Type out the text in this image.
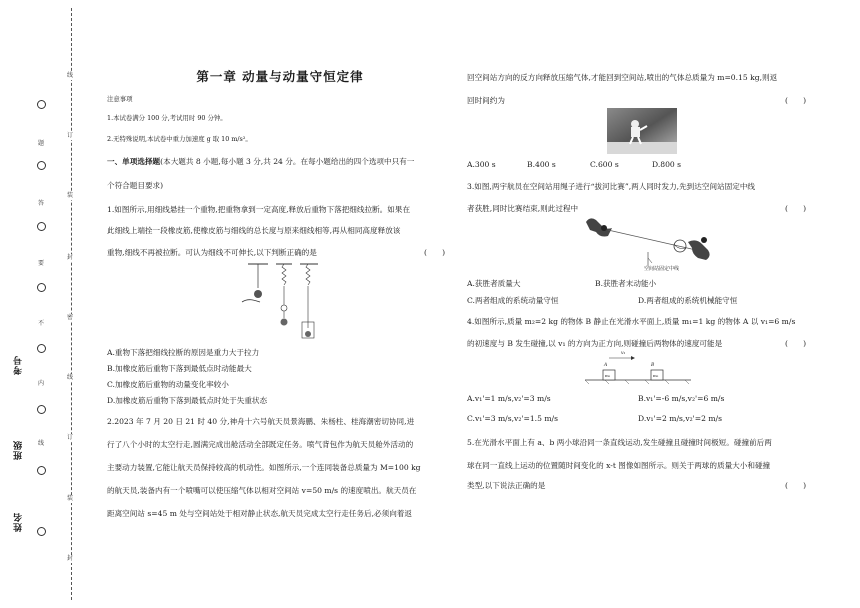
线
订
装
封
密
线
订
装
封
题
答
要
不
内
线
考号
班级
姓名
第一章 动量与动量守恒定律
注意事项
1.本试卷满分 100 分,考试用时 90 分钟。
2.无特殊说明,本试卷中重力加速度 g 取 10 m/s²。
一、单项选择题(本大题共 8 小题,每小题 3 分,共 24 分。在每小题给出的四个选项中只有一
个符合题目要求)
1.如图所示,用细线悬挂一个重物,把重物拿到一定高度,释放后重物下落把细线拉断。如果在
此细线上端拴一段橡皮筋,使橡皮筋与细线的总长度与原来细线相等,再从相同高度释放该
重物,细线不再被拉断。可认为细线不可伸长,以下判断正确的是	(　　)
A.重物下落把细线拉断的原因是重力大于拉力
B.加橡皮筋后重物下落到最低点时动能最大
C.加橡皮筋后重物的动量变化率较小
D.加橡皮筋后重物下落到最低点时处于失重状态
2.2023 年 7 月 20 日 21 时 40 分,神舟十六号航天员景海鹏、朱杨柱、桂海潮密切协同,进
行了八个小时的太空行走,圆满完成出舱活动全部既定任务。喷气背包作为航天员舱外活动的
主要动力装置,它能让航天员保持较高的机动性。如图所示,一个连同装备总质量为 M=100 kg
的航天员,装备内有一个喷嘴可以使压缩气体以相对空间站 v=50 m/s 的速度喷出。航天员在
距离空间站 s=45 m 处与空间站处于相对静止状态,航天员完成太空行走任务后,必须向着返
回空间站方向的反方向释放压缩气体,才能回到空间站,喷出的气体总质量为 m=0.15 kg,则返
回时间约为	(　　)
A.300 s	B.400 s	C.600 s	D.800 s
3.如图,两宇航员在空间站用绳子进行“拔河比赛”,两人同时发力,先到达空间站固定中线
者获胜,同时比赛结束,则此过程中	(　　)
空间站固定中线
A.获胜者质量大	B.获胜者末动能小
C.两者组成的系统动量守恒	D.两者组成的系统机械能守恒
4.如图所示,质量 m₂=2 kg 的物体 B 静止在光滑水平面上,质量 m₁=1 kg 的物体 A 以 v₁=6 m/s
的初速度与 B 发生碰撞,以 v₁ 的方向为正方向,则碰撞后两物体的速度可能是	(　　)
v₁
A	B
m₁	m₂
A.v₁'=1 m/s,v₂'=3 m/s	B.v₁'=-6 m/s,v₂'=6 m/s
C.v₁'=3 m/s,v₂'=1.5 m/s	D.v₁'=2 m/s,v₂'=2 m/s
5.在光滑水平面上有 a、b 两小球沿同一条直线运动,发生碰撞且碰撞时间极短。碰撞前后两
球在同一直线上运动的位置随时间变化的 x-t 图像如图所示。则关于两球的质量大小和碰撞
类型,以下说法正确的是	(　　)
